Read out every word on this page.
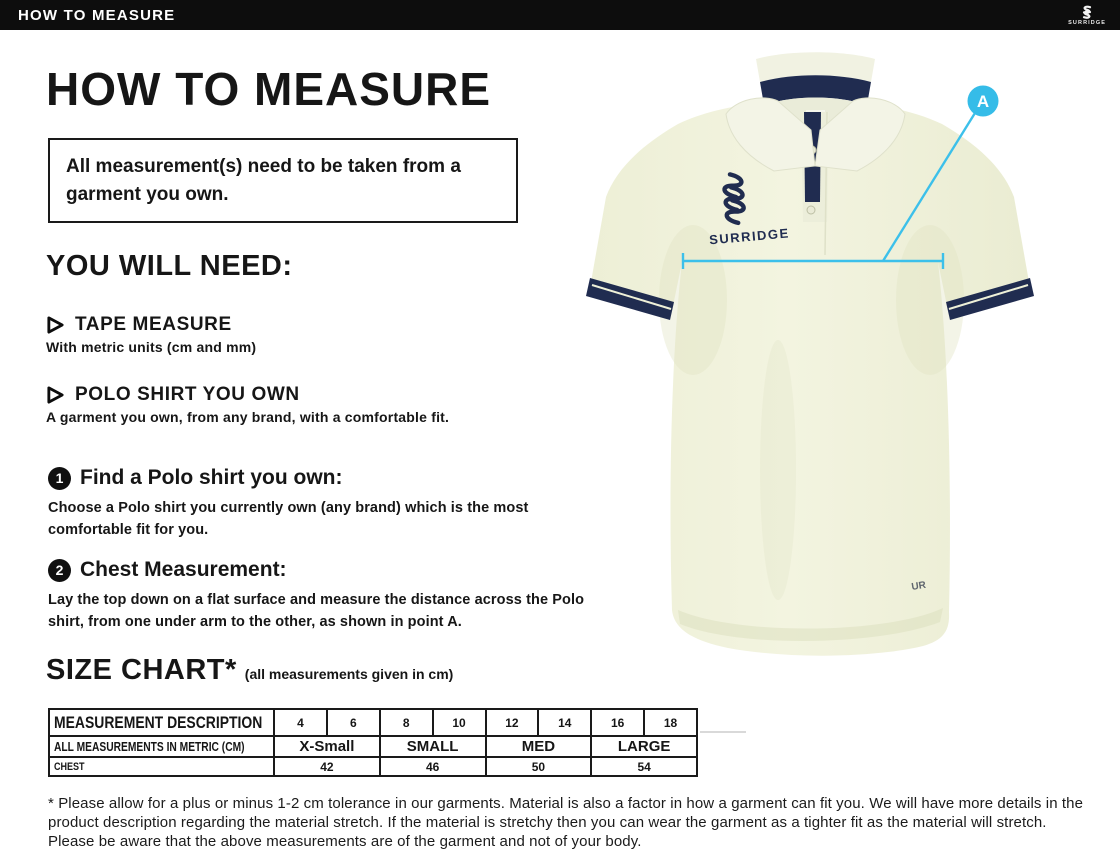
HOW TO MEASURE	SURRIDGE
HOW TO MEASURE
All measurement(s) need to be taken from a garment you own.
YOU WILL NEED:
TAPE MEASURE
With metric units (cm and mm)
POLO SHIRT YOU OWN
A garment you own, from any brand, with a comfortable fit.
1 Find a Polo shirt you own:
Choose a Polo shirt you currently own (any brand) which is the most comfortable fit for you.
2 Chest Measurement:
Lay the top down on a flat surface and measure the distance across the Polo shirt, from one under arm to the other, as shown in point A.
SIZE CHART* (all measurements given in cm)
MEASUREMENT DESCRIPTION	4	6	8	10	12	14	16	18
ALL MEASUREMENTS IN METRIC (CM)	X-Small	SMALL	MED	LARGE
CHEST	42	46	50	54
* Please allow for a plus or minus 1-2 cm tolerance in our garments. Material is also a factor in how a garment can fit you. We will have more details in the product description regarding the material stretch. If the material is stretchy then you can wear the garment as a tighter fit as the material will stretch. Please be aware that the above measurements are of the garment and not of your body.
SURRIDGE
UR
A
